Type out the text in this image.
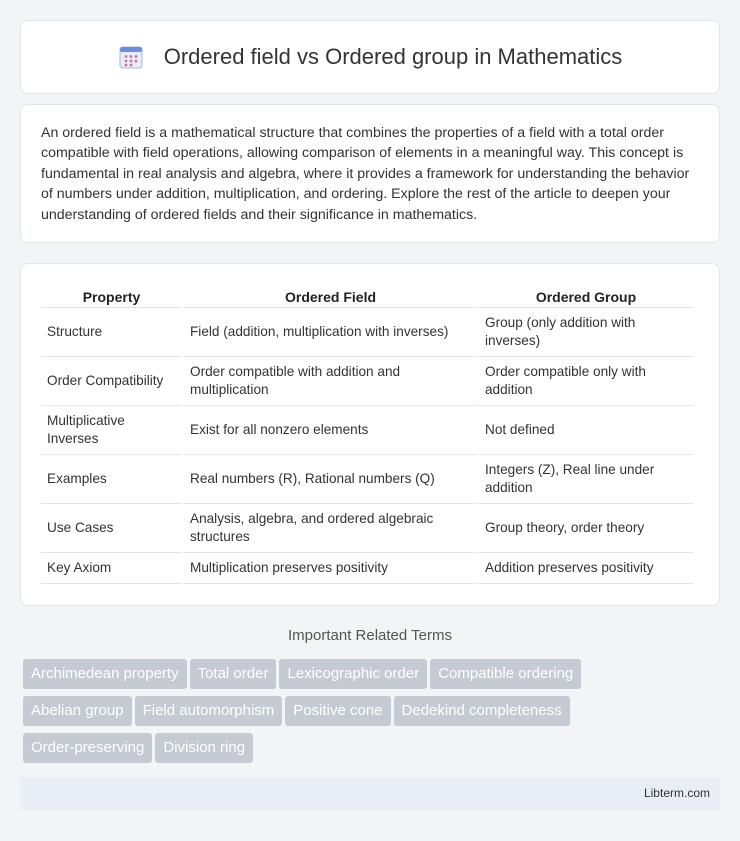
Ordered field vs Ordered group in Mathematics

An ordered field is a mathematical structure that combines the properties of a field with a total order compatible with field operations, allowing comparison of elements in a meaningful way. This concept is fundamental in real analysis and algebra, where it provides a framework for understanding the behavior of numbers under addition, multiplication, and ordering. Explore the rest of the article to deepen your understanding of ordered fields and their significance in mathematics.

Property	Ordered Field	Ordered Group
Structure	Field (addition, multiplication with inverses)	Group (only addition with inverses)
Order Compatibility	Order compatible with addition and multiplication	Order compatible only with addition
Multiplicative Inverses	Exist for all nonzero elements	Not defined
Examples	Real numbers (R), Rational numbers (Q)	Integers (Z), Real line under addition
Use Cases	Analysis, algebra, and ordered algebraic structures	Group theory, order theory
Key Axiom	Multiplication preserves positivity	Addition preserves positivity
Important Related Terms
Archimedean property Total order Lexicographic order Compatible ordering
Abelian group Field automorphism Positive cone Dedekind completeness
Order-preserving Division ring
Libterm.com
